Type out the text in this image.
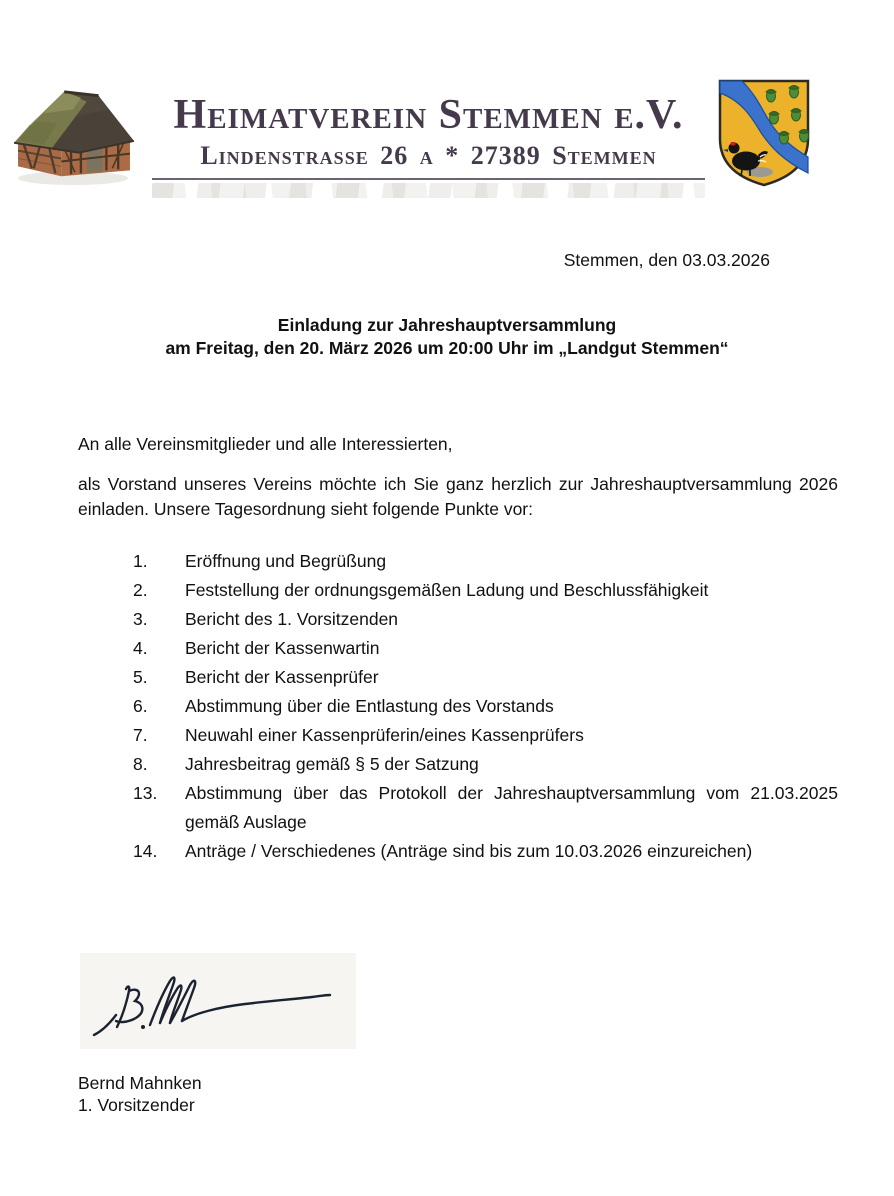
Heimatverein Stemmen e.V.
Lindenstrasse 26 a * 27389 Stemmen
Stemmen, den 03.03.2026
Einladung zur Jahreshauptversammlung
am Freitag, den 20. März 2026 um 20:00 Uhr im „Landgut Stemmen“
An alle Vereinsmitglieder und alle Interessierten,
als Vorstand unseres Vereins möchte ich Sie ganz herzlich zur Jahreshauptversammlung 2026 einladen. Unsere Tagesordnung sieht folgende Punkte vor:
1.	Eröffnung und Begrüßung
2.	Feststellung der ordnungsgemäßen Ladung und Beschlussfähigkeit
3.	Bericht des 1. Vorsitzenden
4.	Bericht der Kassenwartin
5.	Bericht der Kassenprüfer
6.	Abstimmung über die Entlastung des Vorstands
7.	Neuwahl einer Kassenprüferin/eines Kassenprüfers
8.	Jahresbeitrag gemäß § 5 der Satzung
13.	Abstimmung über das Protokoll der Jahreshauptversammlung vom 21.03.2025
gemäß Auslage
14.	Anträge / Verschiedenes (Anträge sind bis zum 10.03.2026 einzureichen)
Bernd Mahnken
1. Vorsitzender
